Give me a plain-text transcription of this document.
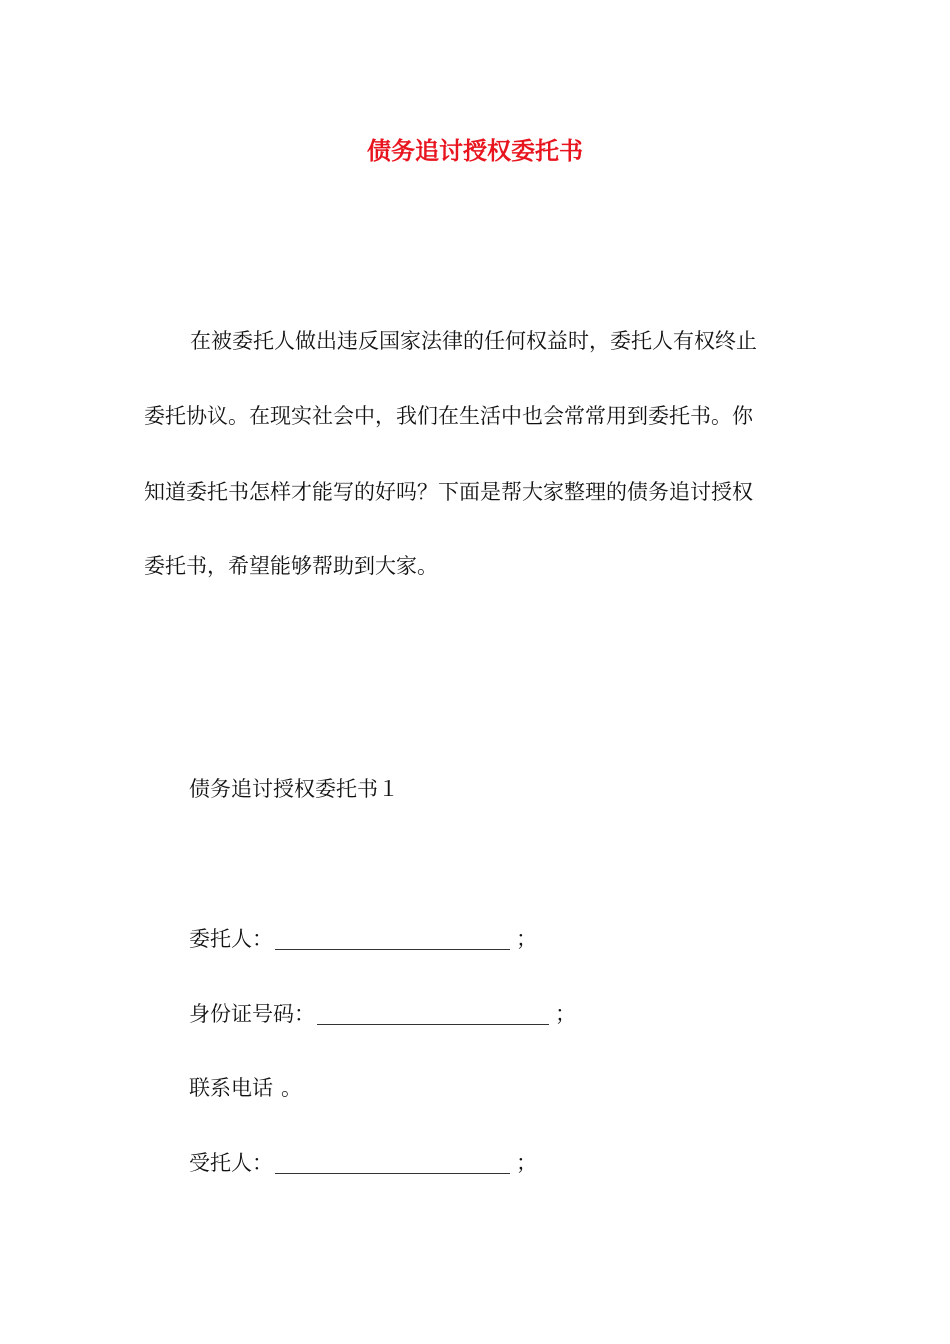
债务追讨授权委托书
在被委托人做出违反国家法律的任何权益时，委托人有权终止
委托协议。在现实社会中，我们在生活中也会常常用到委托书。你
知道委托书怎样才能写的好吗？下面是帮大家整理的债务追讨授权
委托书，希望能够帮助到大家。
债务追讨授权委托书１
委托人：	；
身份证号码：	；
联系电话 。
受托人：	；
